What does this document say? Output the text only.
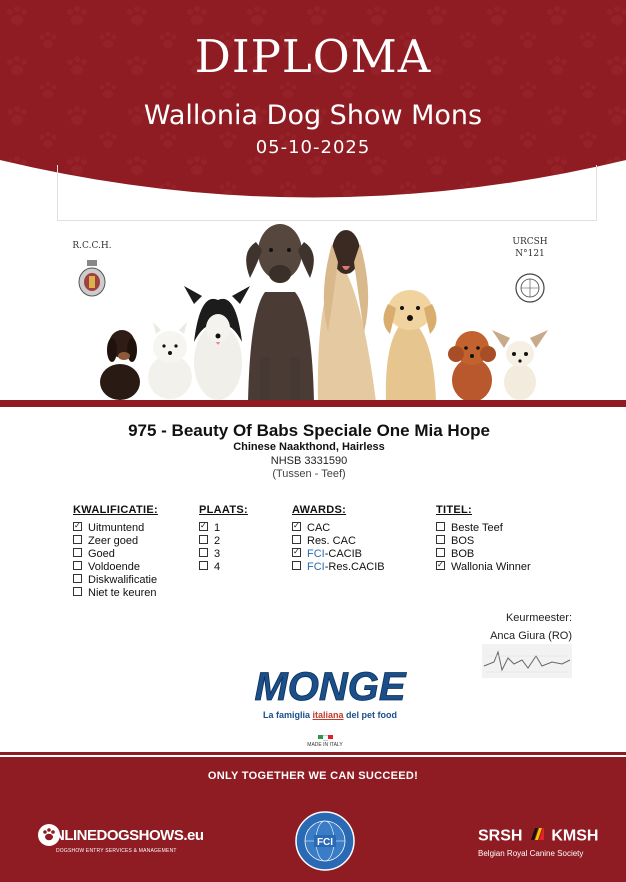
DIPLOMA
Wallonia Dog Show Mons
05-10-2025
R.C.C.H.	URCSH
N°121
975 - Beauty Of Babs Speciale One Mia Hope
Chinese Naakthond, Hairless
NHSB 3331590
(Tussen - Teef)
KWALIFICATIE:
✓Uitmuntend
Zeer goed
Goed
Voldoende
Diskwalificatie
Niet te keuren
PLAATS:
✓1
2
3
4
AWARDS:
✓CAC
Res. CAC
✓FCI-CACIB
FCI-Res.CACIB
TITEL:
Beste Teef
BOS
BOB
✓Wallonia Winner
Keurmeester:
Anca Giura (RO)
MONGE
La famiglia italiana del pet food
MADE IN ITALY
ONLY TOGETHER WE CAN SUCCEED!
NLINEDOGSHOWS.eu
DOGSHOW ENTRY SERVICES & MANAGEMENT
FCI	SRSH KMSH
Belgian Royal Canine Society
